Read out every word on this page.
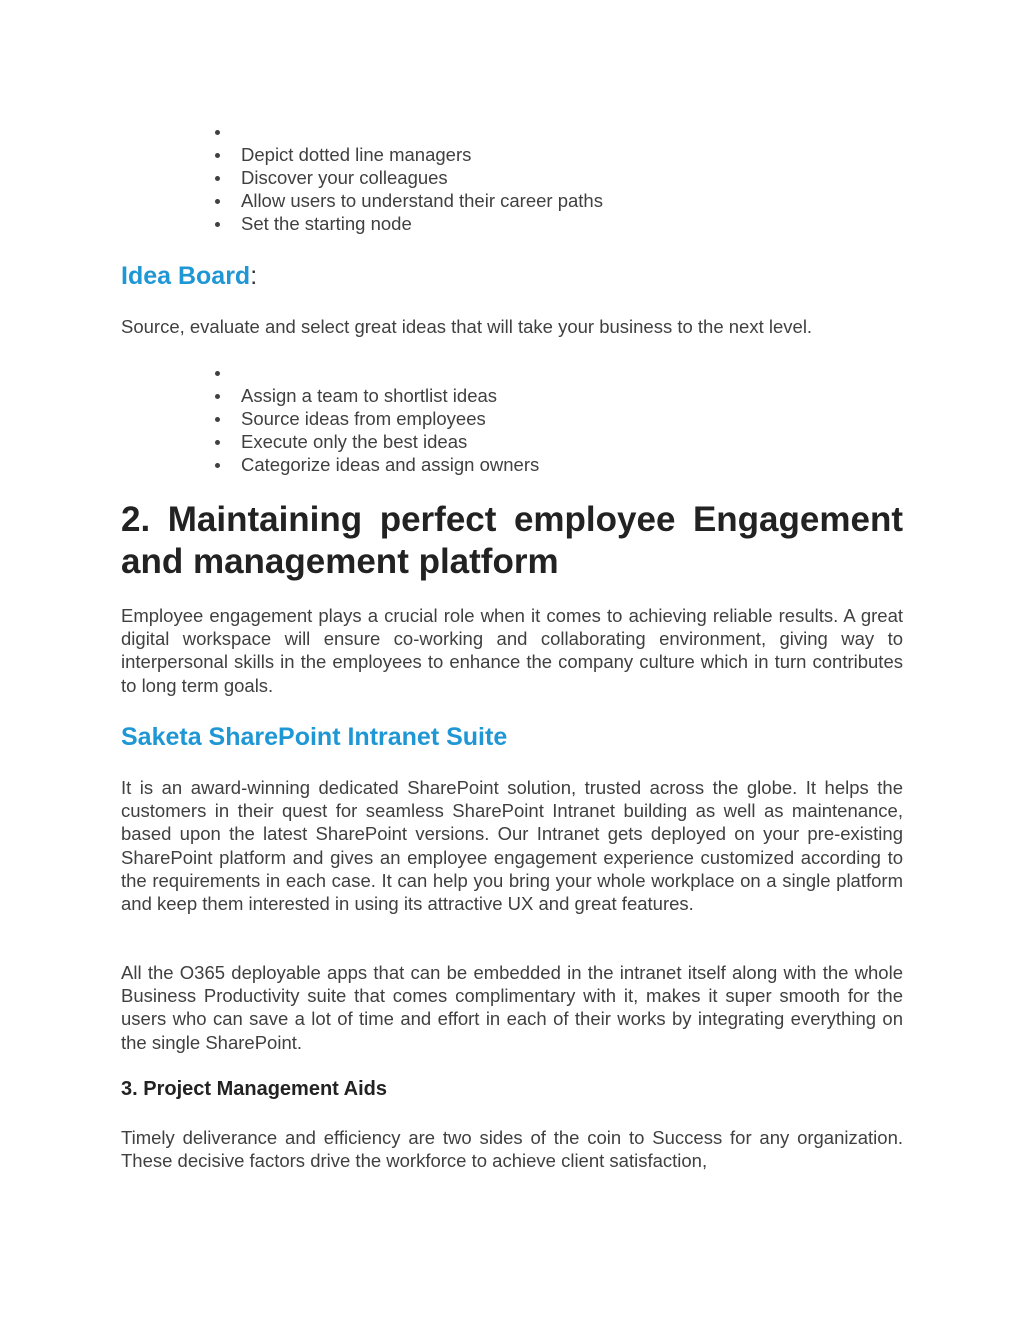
Depict dotted line managers
Discover your colleagues
Allow users to understand their career paths
Set the starting node
Idea Board:

Source, evaluate and select great ideas that will take your business to the next level.

Assign a team to shortlist ideas
Source ideas from employees
Execute only the best ideas
Categorize ideas and assign owners
2. Maintaining perfect employee Engagement and management platform

Employee engagement plays a crucial role when it comes to achieving reliable results. A great digital workspace will ensure co-working and collaborating environment, giving way to interpersonal skills in the employees to enhance the company culture which in turn contributes to long term goals.

Saketa SharePoint Intranet Suite

It is an award-winning dedicated SharePoint solution, trusted across the globe. It helps the customers in their quest for seamless SharePoint Intranet building as well as maintenance, based upon the latest SharePoint versions. Our Intranet gets deployed on your pre-existing SharePoint platform and gives an employee engagement experience customized according to the requirements in each case. It can help you bring your whole workplace on a single platform and keep them interested in using its attractive UX and great features.

All the O365 deployable apps that can be embedded in the intranet itself along with the whole Business Productivity suite that comes complimentary with it, makes it super smooth for the users who can save a lot of time and effort in each of their works by integrating everything on the single SharePoint.

3. Project Management Aids

Timely deliverance and efficiency are two sides of the coin to Success for any organization. These decisive factors drive the workforce to achieve client satisfaction,
